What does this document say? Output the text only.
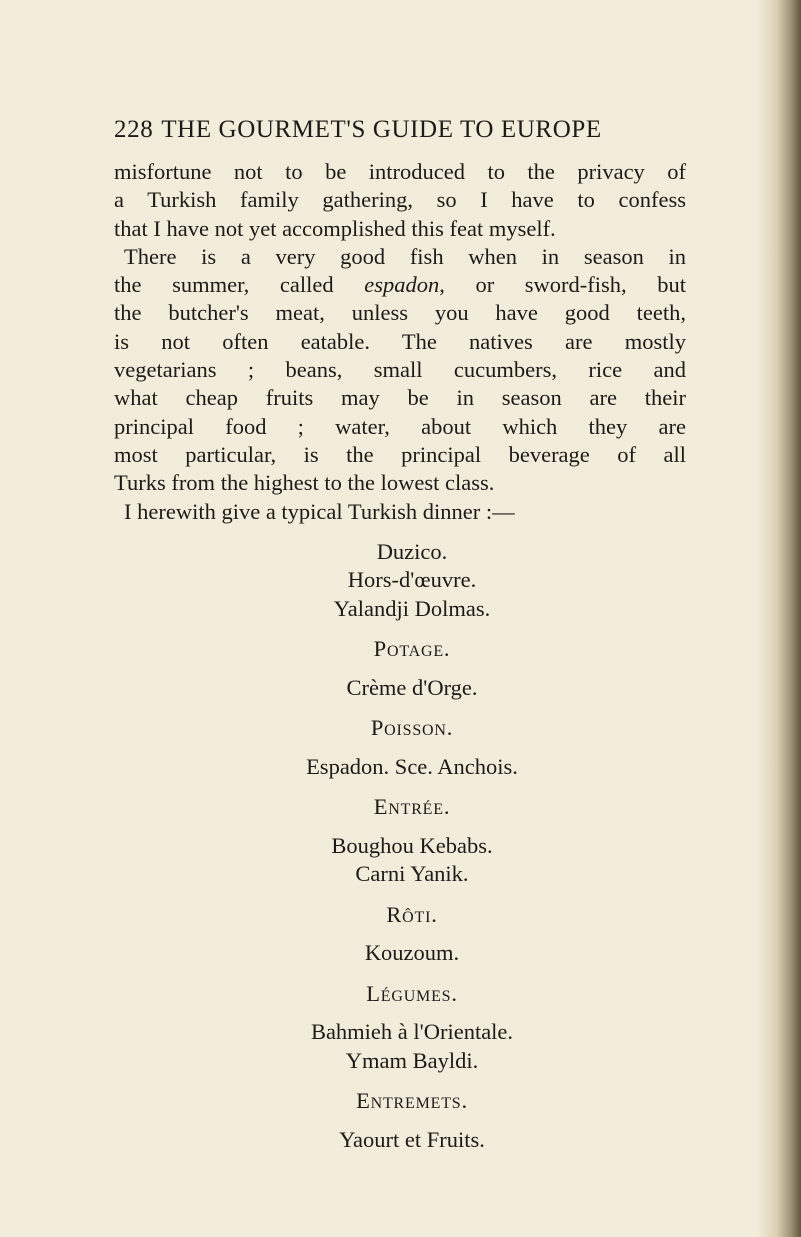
228 THE GOURMET'S GUIDE TO EUROPE

misfortune not to be introduced to the privacy of
a Turkish family gathering, so I have to confess
that I have not yet accomplished this feat myself.

There is a very good fish when in season in
the summer, called espadon, or sword-fish, but
the butcher's meat, unless you have good teeth,
is not often eatable. The natives are mostly
vegetarians ; beans, small cucumbers, rice and
what cheap fruits may be in season are their
principal food ; water, about which they are
most particular, is the principal beverage of all
Turks from the highest to the lowest class.

I herewith give a typical Turkish dinner :—

Duzico.
Hors-d'œuvre.
Yalandji Dolmas.
Potage.
Crème d'Orge.
Poisson.
Espadon. Sce. Anchois.
Entrée.
Boughou Kebabs.
Carni Yanik.
Rôti.
Kouzoum.
Légumes.
Bahmieh à l'Orientale.
Ymam Bayldi.
Entremets.
Yaourt et Fruits.
